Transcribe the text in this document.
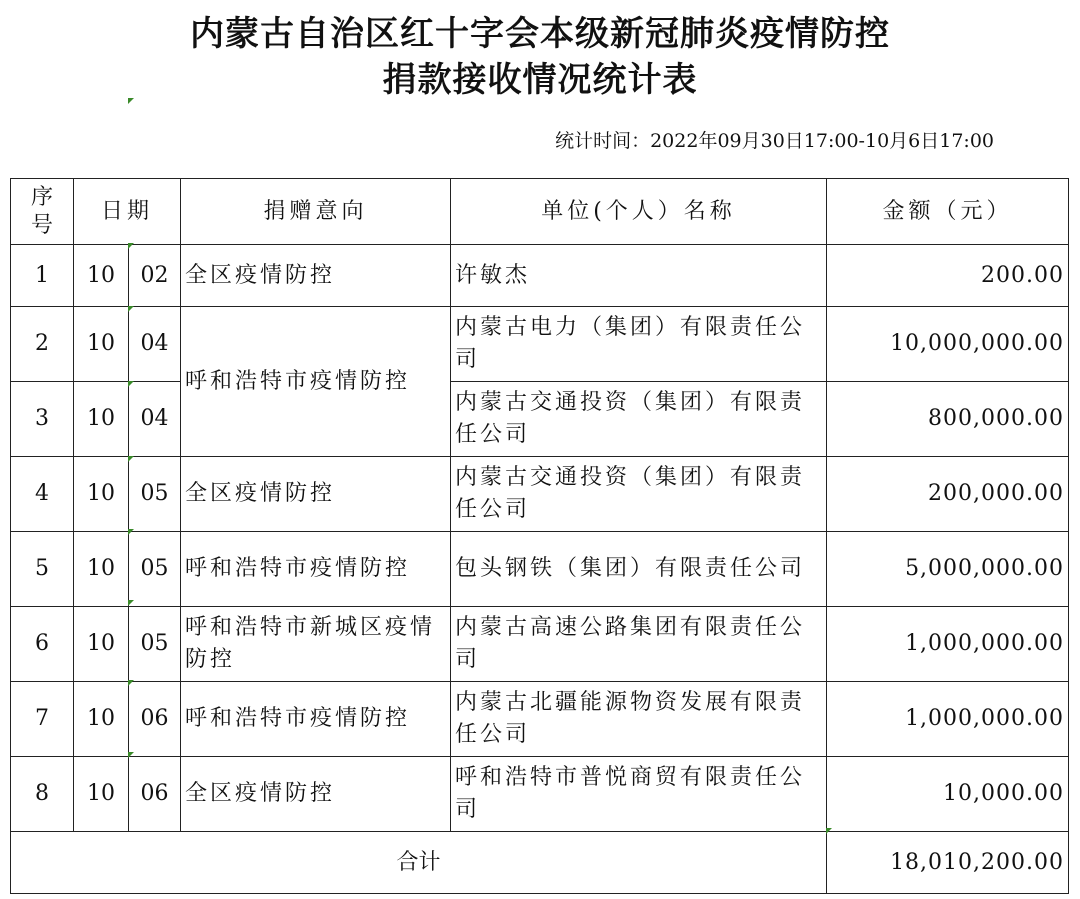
内蒙古自治区红十字会本级新冠肺炎疫情防控
捐款接收情况统计表
统计时间：2022年09月30日17:00-10月6日17:00
序号	日期		捐赠意向	单位(个人）名称	金额（元）
1	10	02	全区疫情防控	许敏杰	200.00
2	10	04	呼和浩特市疫情防控	内蒙古电力（集团）有限责任公司	10,000,000.00
3	10	04		内蒙古交通投资（集团）有限责任公司	800,000.00
4	10	05	全区疫情防控	内蒙古交通投资（集团）有限责任公司	200,000.00
5	10	05	呼和浩特市疫情防控	包头钢铁（集团）有限责任公司	5,000,000.00
6	10	05	呼和浩特市新城区疫情防控	内蒙古高速公路集团有限责任公司	1,000,000.00
7	10	06	呼和浩特市疫情防控	内蒙古北疆能源物资发展有限责任公司	1,000,000.00
8	10	06	全区疫情防控	呼和浩特市普悦商贸有限责任公司	10,000.00
合计					18,010,200.00
